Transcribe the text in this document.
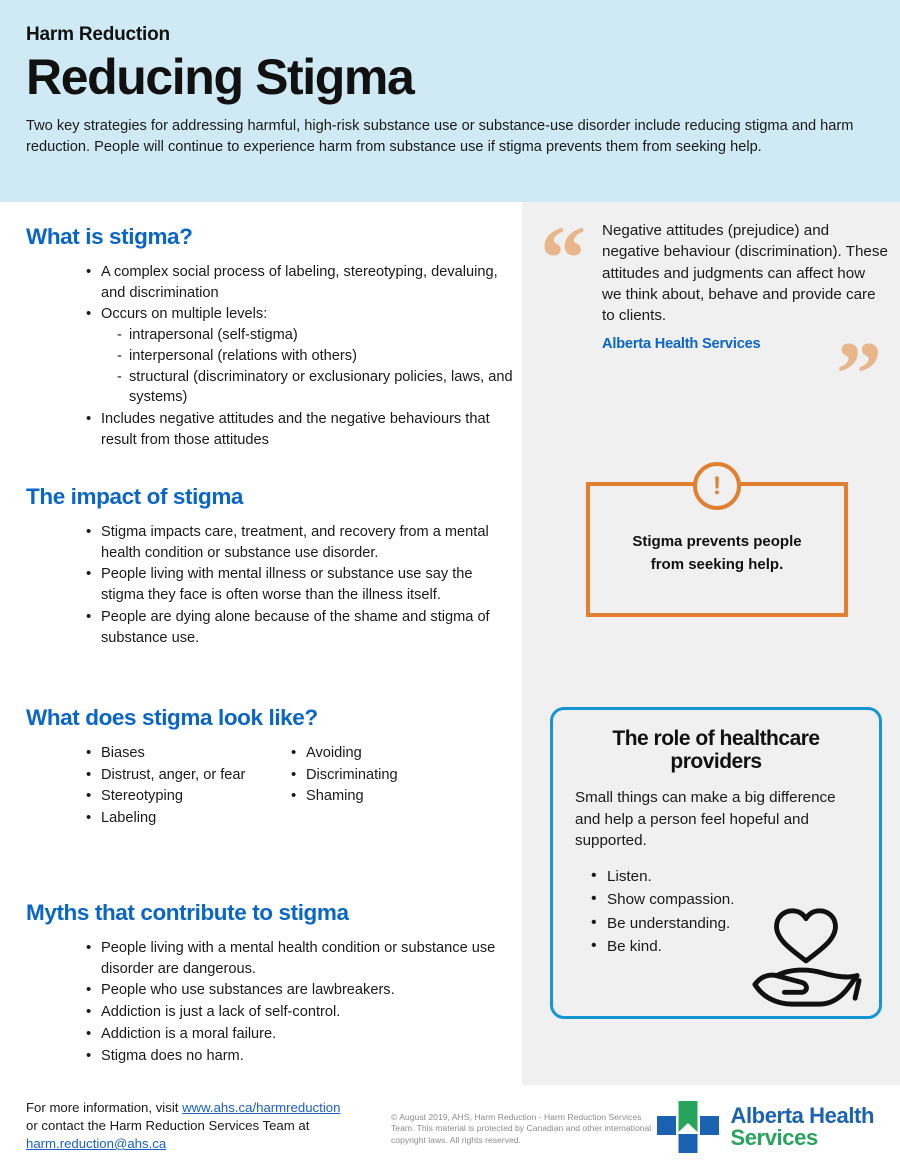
Harm Reduction
Reducing Stigma
Two key strategies for addressing harmful, high-risk substance use or substance-use disorder include reducing stigma and harm reduction. People will continue to experience harm from substance use if stigma prevents them from seeking help.
What is stigma?
• A complex social process of labeling, stereotyping, devaluing, and discrimination
• Occurs on multiple levels:
- intrapersonal (self-stigma)
- interpersonal (relations with others)
- structural (discriminatory or exclusionary policies, laws, and systems)
• Includes negative attitudes and the negative behaviours that result from those attitudes
The impact of stigma
• Stigma impacts care, treatment, and recovery from a mental health condition or substance use disorder.
• People living with mental illness or substance use say the stigma they face is often worse than the illness itself.
• People are dying alone because of the shame and stigma of substance use.
What does stigma look like?
• Biases
• Distrust, anger, or fear
• Stereotyping
• Labeling
• Avoiding
• Discriminating
• Shaming
Myths that contribute to stigma
• People living with a mental health condition or substance use disorder are dangerous.
• People who use substances are lawbreakers.
• Addiction is just a lack of self-control.
• Addiction is a moral failure.
• Stigma does no harm.
“
”
Negative attitudes (prejudice) and negative behaviour (discrimination). These attitudes and judgments can affect how we think about, behave and provide care to clients.
Alberta Health Services
!
Stigma prevents people
from seeking help.
The role of healthcare
providers
Small things can make a big difference and help a person feel hopeful and supported.
• Listen.
• Show compassion.
• Be understanding.
• Be kind.
For more information, visit www.ahs.ca/harmreduction
or contact the Harm Reduction Services Team at
harm.reduction@ahs.ca
© August 2019, AHS, Harm Reduction - Harm Reduction Services Team. This material is protected by Canadian and other international copyright laws. All rights reserved.
Alberta Health
Services
